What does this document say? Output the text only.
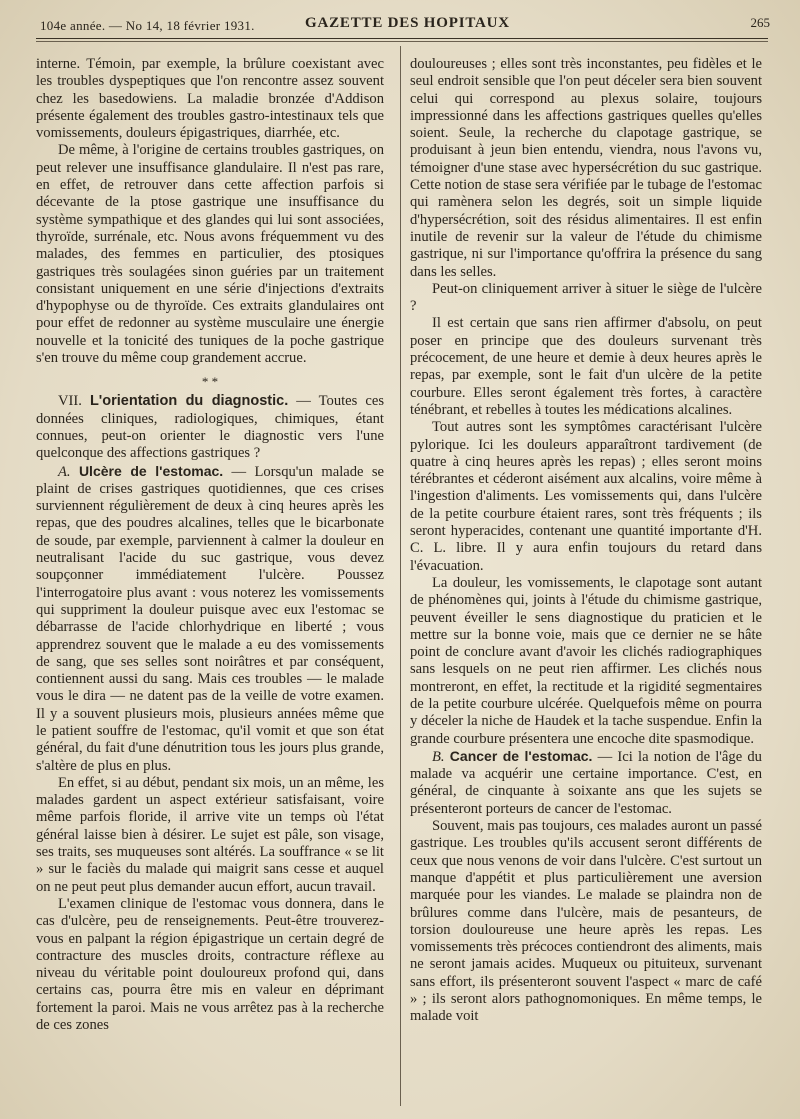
104e année. — No 14, 18 février 1931.	GAZETTE DES HOPITAUX	265

interne. Témoin, par exemple, la brûlure coexistant avec les troubles dyspeptiques que l'on rencontre assez souvent chez les basedowiens. La maladie bronzée d'Addison présente également des troubles gastro-intestinaux tels que vomissements, douleurs épigastriques, diarrhée, etc.

De même, à l'origine de certains troubles gastriques, on peut relever une insuffisance glandulaire. Il n'est pas rare, en effet, de retrouver dans cette affection parfois si décevante de la ptose gastrique une insuffisance du système sympathique et des glandes qui lui sont associées, thyroïde, surrénale, etc. Nous avons fréquemment vu des malades, des femmes en particulier, des ptosiques gastriques très soulagées sinon guéries par un traitement consistant uniquement en une série d'injections d'extraits d'hypophyse ou de thyroïde. Ces extraits glandulaires ont pour effet de redonner au système musculaire une énergie nouvelle et la tonicité des tuniques de la poche gastrique s'en trouve du même coup grandement accrue.

* *

VII. L'orientation du diagnostic. — Toutes ces données cliniques, radiologiques, chimiques, étant connues, peut-on orienter le diagnostic vers l'une quelconque des affections gastriques ?

A. Ulcère de l'estomac. — Lorsqu'un malade se plaint de crises gastriques quotidiennes, que ces crises surviennent régulièrement de deux à cinq heures après les repas, que des poudres alcalines, telles que le bicarbonate de soude, par exemple, parviennent à calmer la douleur en neutralisant l'acide du suc gastrique, vous devez soupçonner immédiatement l'ulcère. Poussez l'interrogatoire plus avant : vous noterez les vomissements qui suppriment la douleur puisque avec eux l'estomac se débarrasse de l'acide chlorhydrique en liberté ; vous apprendrez souvent que le malade a eu des vomissements de sang, que ses selles sont noirâtres et par conséquent, contiennent aussi du sang. Mais ces troubles — le malade vous le dira — ne datent pas de la veille de votre examen. Il y a souvent plusieurs mois, plusieurs années même que le patient souffre de l'estomac, qu'il vomit et que son état général, du fait d'une dénutrition tous les jours plus grande, s'altère de plus en plus.

En effet, si au début, pendant six mois, un an même, les malades gardent un aspect extérieur satisfaisant, voire même parfois floride, il arrive vite un temps où l'état général laisse bien à désirer. Le sujet est pâle, son visage, ses traits, ses muqueuses sont altérés. La souffrance « se lit » sur le faciès du malade qui maigrit sans cesse et auquel on ne peut peut plus demander aucun effort, aucun travail.

L'examen clinique de l'estomac vous donnera, dans le cas d'ulcère, peu de renseignements. Peut-être trouverez-vous en palpant la région épigastrique un certain degré de contracture des muscles droits, contracture réflexe au niveau du véritable point douloureux profond qui, dans certains cas, pourra être mis en valeur en déprimant fortement la paroi. Mais ne vous arrêtez pas à la recherche de ces zones

douloureuses ; elles sont très inconstantes, peu fidèles et le seul endroit sensible que l'on peut déceler sera bien souvent celui qui correspond au plexus solaire, toujours impressionné dans les affections gastriques quelles qu'elles soient. Seule, la recherche du clapotage gastrique, se produisant à jeun bien entendu, viendra, nous l'avons vu, témoigner d'une stase avec hypersécrétion du suc gastrique. Cette notion de stase sera vérifiée par le tubage de l'estomac qui ramènera selon les degrés, soit un simple liquide d'hypersécrétion, soit des résidus alimentaires. Il est enfin inutile de revenir sur la valeur de l'étude du chimisme gastrique, ni sur l'importance qu'offrira la présence du sang dans les selles.

Peut-on cliniquement arriver à situer le siège de l'ulcère ?

Il est certain que sans rien affirmer d'absolu, on peut poser en principe que des douleurs survenant très précocement, de une heure et demie à deux heures après le repas, par exemple, sont le fait d'un ulcère de la petite courbure. Elles seront également très fortes, à caractère ténébrant, et rebelles à toutes les médications alcalines.

Tout autres sont les symptômes caractérisant l'ulcère pylorique. Ici les douleurs apparaîtront tardivement (de quatre à cinq heures après les repas) ; elles seront moins térébrantes et céderont aisément aux alcalins, voire même à l'ingestion d'aliments. Les vomissements qui, dans l'ulcère de la petite courbure étaient rares, sont très fréquents ; ils seront hyperacides, contenant une quantité importante d'H. C. L. libre. Il y aura enfin toujours du retard dans l'évacuation.

La douleur, les vomissements, le clapotage sont autant de phénomènes qui, joints à l'étude du chimisme gastrique, peuvent éveiller le sens diagnostique du praticien et le mettre sur la bonne voie, mais que ce dernier ne se hâte point de conclure avant d'avoir les clichés radiographiques sans lesquels on ne peut rien affirmer. Les clichés nous montreront, en effet, la rectitude et la rigidité segmentaires de la petite courbure ulcérée. Quelquefois même on pourra y déceler la niche de Haudek et la tache suspendue. Enfin la grande courbure présentera une encoche dite spasmodique.

B. Cancer de l'estomac. — Ici la notion de l'âge du malade va acquérir une certaine importance. C'est, en général, de cinquante à soixante ans que les sujets se présenteront porteurs de cancer de l'estomac.

Souvent, mais pas toujours, ces malades auront un passé gastrique. Les troubles qu'ils accusent seront différents de ceux que nous venons de voir dans l'ulcère. C'est surtout un manque d'appétit et plus particulièrement une aversion marquée pour les viandes. Le malade se plaindra non de brûlures comme dans l'ulcère, mais de pesanteurs, de torsion douloureuse une heure après les repas. Les vomissements très précoces contiendront des aliments, mais ne seront jamais acides. Muqueux ou pituiteux, survenant sans effort, ils présenteront souvent l'aspect « marc de café » ; ils seront alors pathognomoniques. En même temps, le malade voit
